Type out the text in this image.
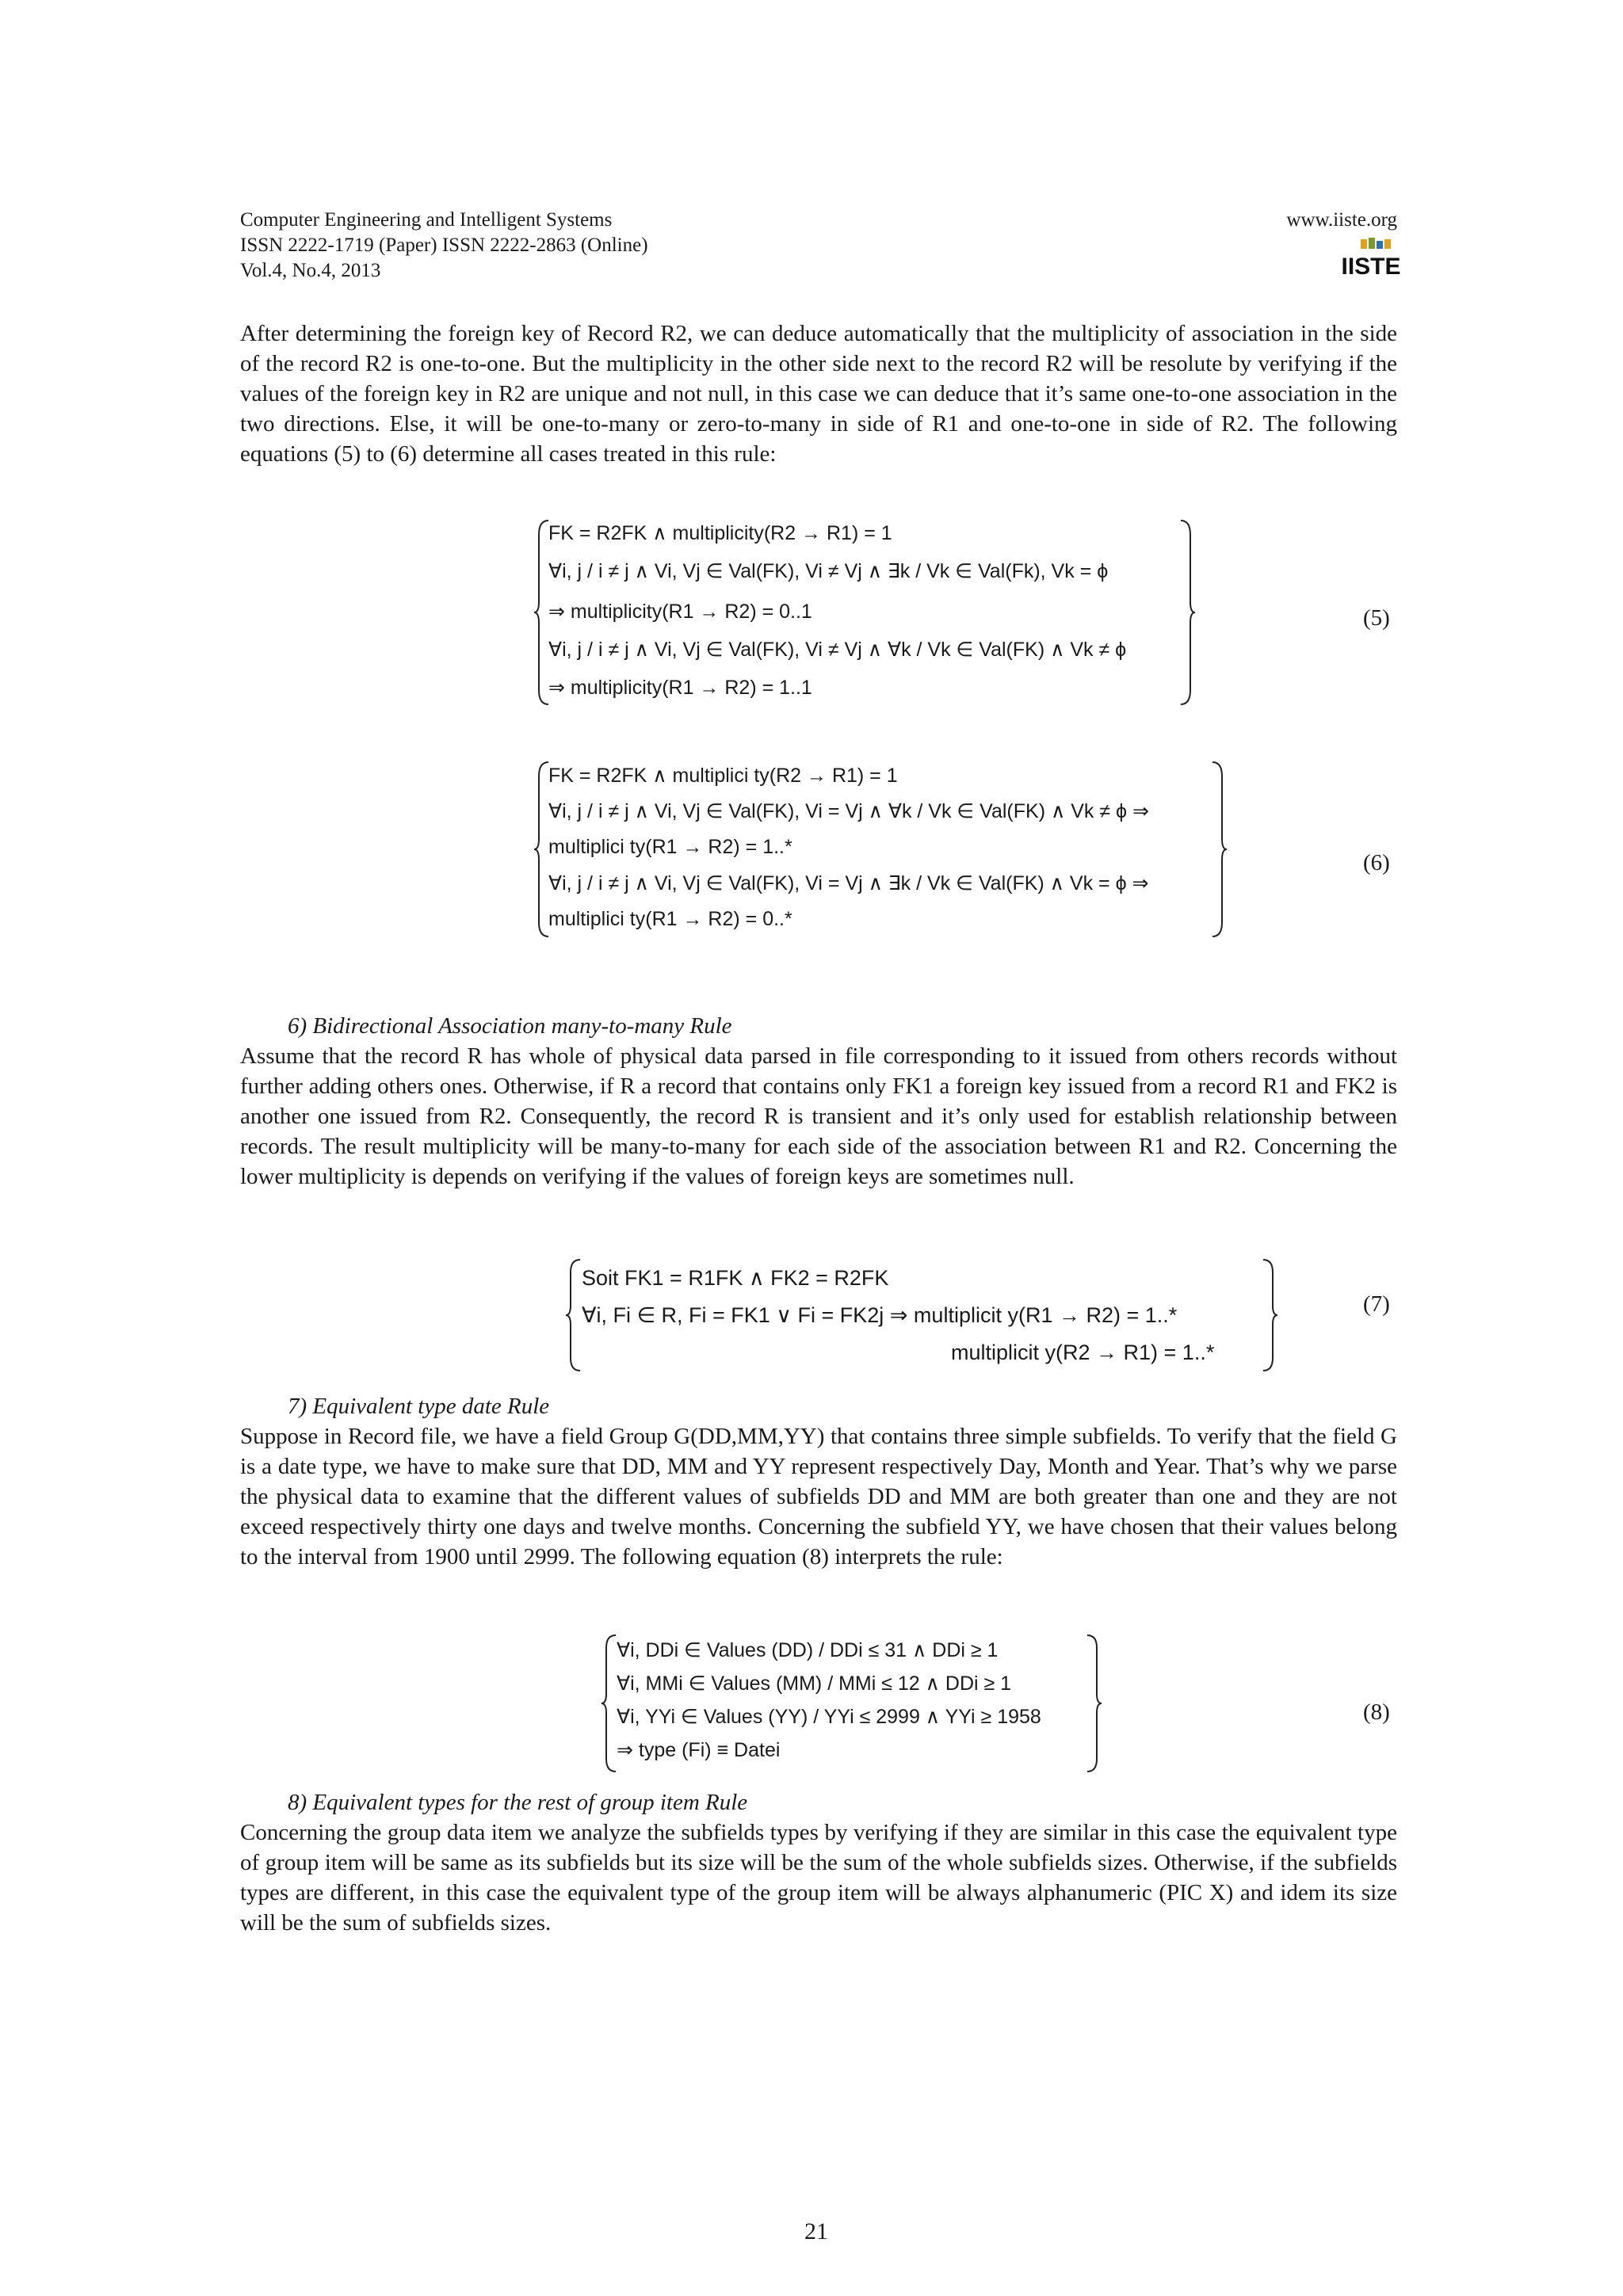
Computer Engineering and Intelligent Systems
ISSN 2222-1719 (Paper) ISSN 2222-2863 (Online)
Vol.4, No.4, 2013
www.iiste.org
IISTE
After determining the foreign key of Record R2, we can deduce automatically that the multiplicity of association in the side of the record R2 is one-to-one. But the multiplicity in the other side next to the record R2 will be resolute by verifying if the values of the foreign key in R2 are unique and not null, in this case we can deduce that it’s same one-to-one association in the two directions. Else, it will be one-to-many or zero-to-many in side of R1 and one-to-one in side of R2. The following equations (5) to (6) determine all cases treated in this rule:
FK = R2FK ∧ multiplicity(R2 → R1) = 1
∀i, j / i ≠ j ∧ Vi, Vj ∈ Val(FK), Vi ≠ Vj ∧ ∃k / Vk ∈ Val(Fk), Vk = ϕ
⇒ multiplicity(R1 → R2) = 0..1
∀i, j / i ≠ j ∧ Vi, Vj ∈ Val(FK), Vi ≠ Vj ∧ ∀k / Vk ∈ Val(FK) ∧ Vk ≠ ϕ
⇒ multiplicity(R1 → R2) = 1..1
(5)
FK = R2FK ∧ multiplici ty(R2 → R1) = 1
∀i, j / i ≠ j ∧ Vi, Vj ∈ Val(FK), Vi = Vj ∧ ∀k / Vk ∈ Val(FK) ∧ Vk ≠ ϕ ⇒
multiplici ty(R1 → R2) = 1..*
∀i, j / i ≠ j ∧ Vi, Vj ∈ Val(FK), Vi = Vj ∧ ∃k / Vk ∈ Val(FK) ∧ Vk = ϕ ⇒
multiplici ty(R1 → R2) = 0..*
(6)
6) Bidirectional Association many-to-many Rule
Assume that the record R has whole of physical data parsed in file corresponding to it issued from others records without further adding others ones. Otherwise, if R a record that contains only FK1 a foreign key issued from a record R1 and FK2 is another one issued from R2. Consequently, the record R is transient and it’s only used for establish relationship between records. The result multiplicity will be many-to-many for each side of the association between R1 and R2. Concerning the lower multiplicity is depends on verifying if the values of foreign keys are sometimes null.
Soit FK1 = R1FK ∧ FK2 = R2FK
∀i, Fi ∈ R, Fi = FK1 ∨ Fi = FK2j ⇒ multiplicit y(R1 → R2) = 1..*
multiplicit y(R2 → R1) = 1..*
(7)
7) Equivalent type date Rule
Suppose in Record file, we have a field Group G(DD,MM,YY) that contains three simple subfields. To verify that the field G is a date type, we have to make sure that DD, MM and YY represent respectively Day, Month and Year. That’s why we parse the physical data to examine that the different values of subfields DD and MM are both greater than one and they are not exceed respectively thirty one days and twelve months. Concerning the subfield YY, we have chosen that their values belong to the interval from 1900 until 2999. The following equation (8) interprets the rule:
∀i, DDi ∈ Values (DD) / DDi ≤ 31 ∧ DDi ≥ 1
∀i, MMi ∈ Values (MM) / MMi ≤ 12 ∧ DDi ≥ 1
∀i, YYi ∈ Values (YY) / YYi ≤ 2999 ∧ YYi ≥ 1958
⇒ type (Fi) ≡ Datei
(8)
8) Equivalent types for the rest of group item Rule
Concerning the group data item we analyze the subfields types by verifying if they are similar in this case the equivalent type of group item will be same as its subfields but its size will be the sum of the whole subfields sizes. Otherwise, if the subfields types are different, in this case the equivalent type of the group item will be always alphanumeric (PIC X) and idem its size will be the sum of subfields sizes.
21
